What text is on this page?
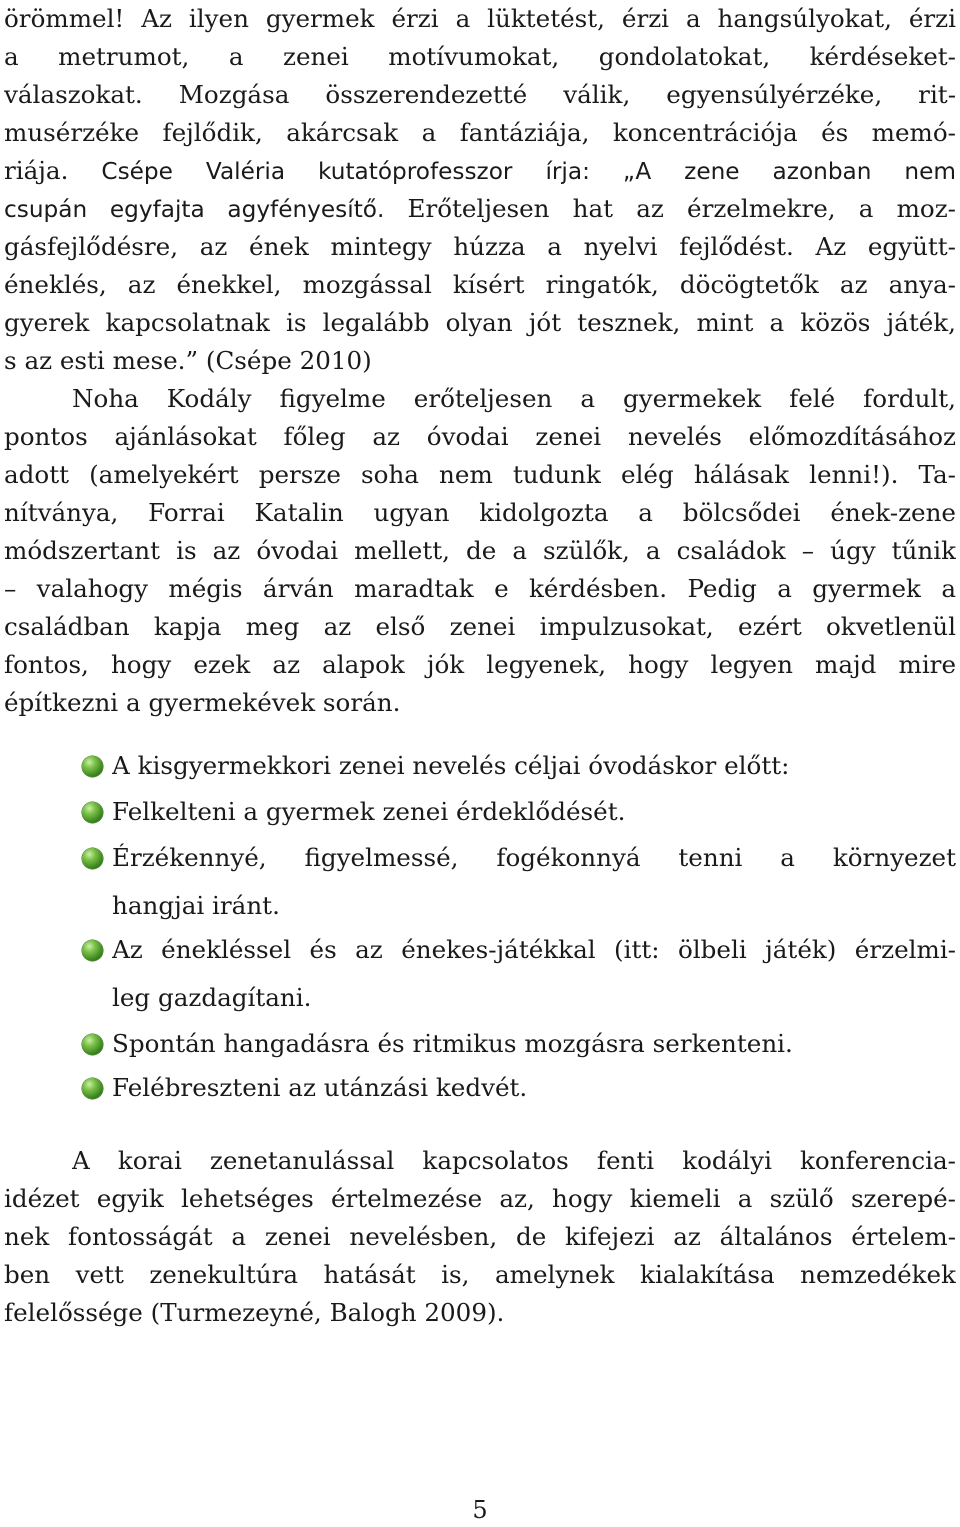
örömmel! Az ilyen gyermek érzi a lüktetést, érzi a hangsúlyokat, érzi
a metrumot, a zenei motívumokat, gondolatokat, kérdéseket-
válaszokat. Mozgása összerendezetté válik, egyensúlyérzéke, rit-
musérzéke fejlődik, akárcsak a fantáziája, koncentrációja és memó-
riája. Csépe Valéria kutatóprofesszor írja: „A zene azonban nem
csupán egyfajta agyfényesítő. Erőteljesen hat az érzelmekre, a moz-
gásfejlődésre, az ének mintegy húzza a nyelvi fejlődést. Az együtt-
éneklés, az énekkel, mozgással kísért ringatók, döcögtetők az anya-
gyerek kapcsolatnak is legalább olyan jót tesznek, mint a közös játék,
s az esti mese.” (Csépe 2010)
Noha Kodály figyelme erőteljesen a gyermekek felé fordult,
pontos ajánlásokat főleg az óvodai zenei nevelés előmozdításához
adott (amelyekért persze soha nem tudunk elég hálásak lenni!). Ta-
nítványa, Forrai Katalin ugyan kidolgozta a bölcsődei ének-zene
módszertant is az óvodai mellett, de a szülők, a családok – úgy tűnik
– valahogy mégis árván maradtak e kérdésben. Pedig a gyermek a
családban kapja meg az első zenei impulzusokat, ezért okvetlenül
fontos, hogy ezek az alapok jók legyenek, hogy legyen majd mire
építkezni a gyermekévek során.
A kisgyermekkori zenei nevelés céljai óvodáskor előtt:
Felkelteni a gyermek zenei érdeklődését.
Érzékennyé, figyelmessé, fogékonnyá tenni a környezet
hangjai iránt.
Az énekléssel és az énekes-játékkal (itt: ölbeli játék) érzelmi-
leg gazdagítani.
Spontán hangadásra és ritmikus mozgásra serkenteni.
Felébreszteni az utánzási kedvét.
A korai zenetanulással kapcsolatos fenti kodályi konferencia-
idézet egyik lehetséges értelmezése az, hogy kiemeli a szülő szerepé-
nek fontosságát a zenei nevelésben, de kifejezi az általános értelem-
ben vett zenekultúra hatását is, amelynek kialakítása nemzedékek
felelőssége (Turmezeyné, Balogh 2009).
5
